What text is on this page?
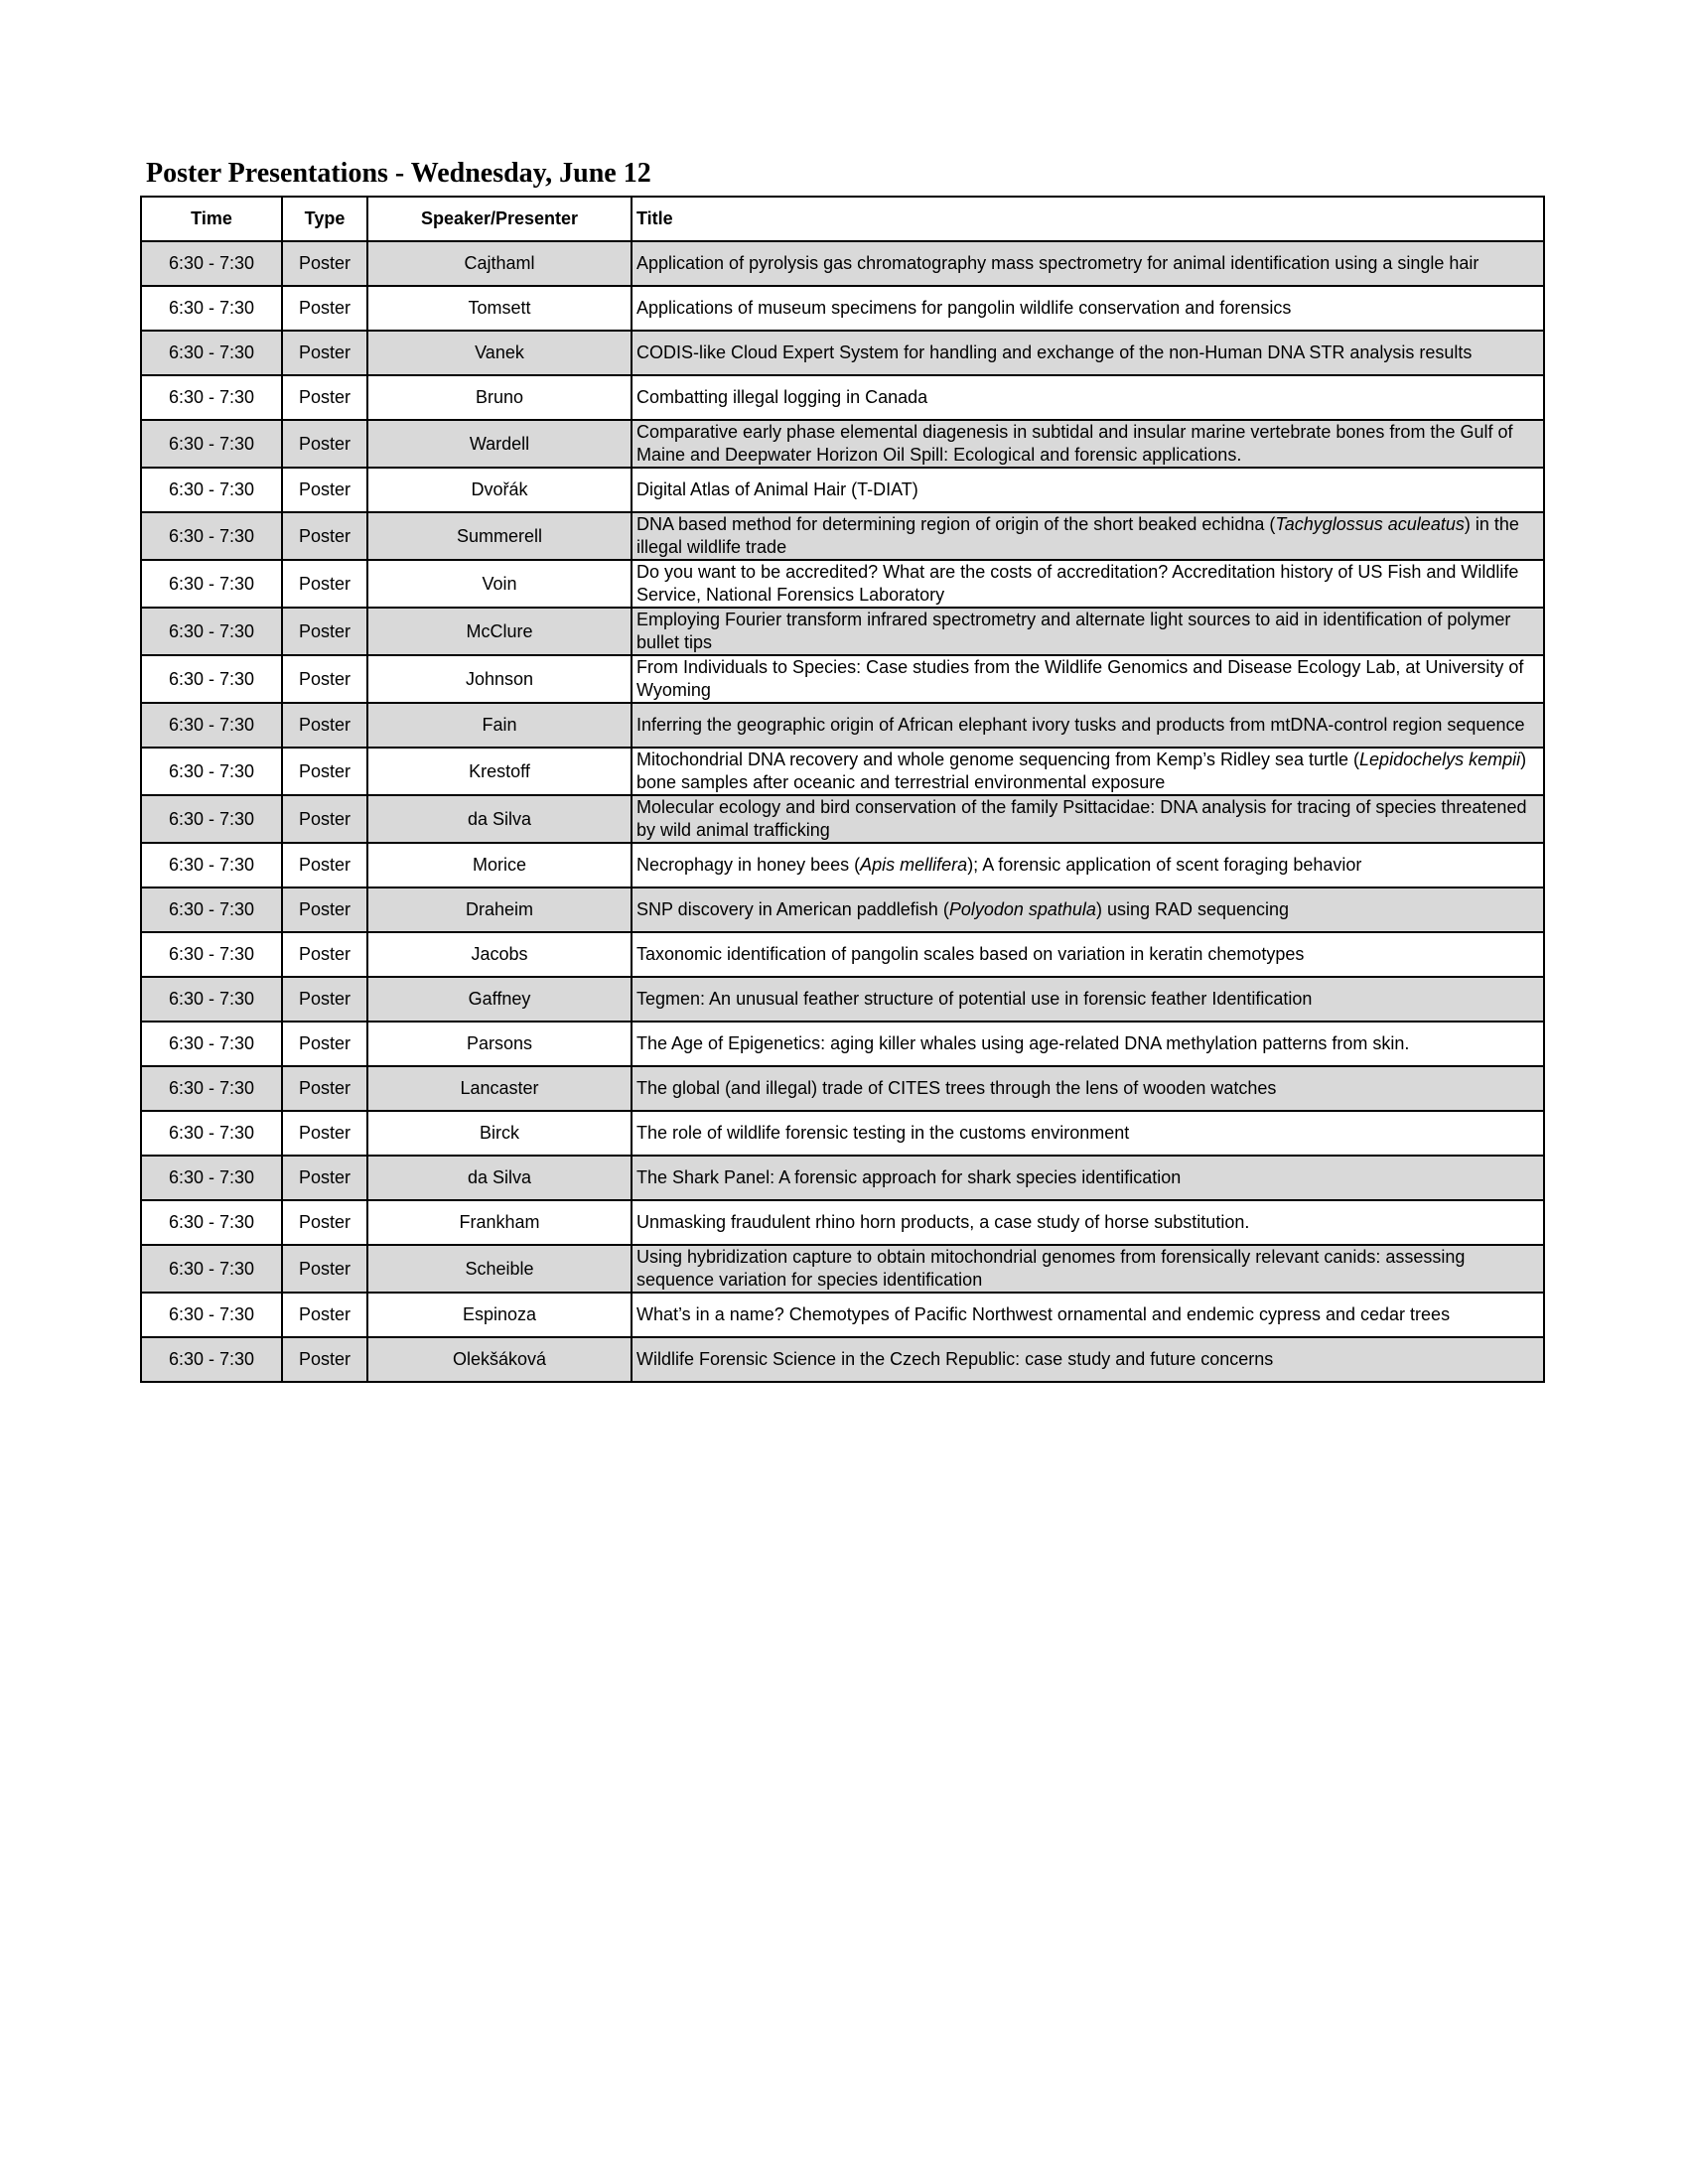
Poster Presentations - Wednesday, June 12
Time	Type	Speaker/Presenter	Title
6:30 - 7:30	Poster	Cajthaml	Application of pyrolysis gas chromatography mass spectrometry for animal identification using a single hair
6:30 - 7:30	Poster	Tomsett	Applications of museum specimens for pangolin wildlife conservation and forensics
6:30 - 7:30	Poster	Vanek	CODIS-like Cloud Expert System for handling and exchange of the non-Human DNA STR analysis results
6:30 - 7:30	Poster	Bruno	Combatting illegal logging in Canada
6:30 - 7:30	Poster	Wardell	Comparative early phase elemental diagenesis in subtidal and insular marine vertebrate bones from the Gulf of Maine and Deepwater Horizon Oil Spill: Ecological and forensic applications.
6:30 - 7:30	Poster	Dvořák	Digital Atlas of Animal Hair (T-DIAT)
6:30 - 7:30	Poster	Summerell	DNA based method for determining region of origin of the short beaked echidna (Tachyglossus aculeatus) in the illegal wildlife trade
6:30 - 7:30	Poster	Voin	Do you want to be accredited? What are the costs of accreditation? Accreditation history of US Fish and Wildlife Service, National Forensics Laboratory
6:30 - 7:30	Poster	McClure	Employing Fourier transform infrared spectrometry and alternate light sources to aid in identification of polymer bullet tips
6:30 - 7:30	Poster	Johnson	From Individuals to Species: Case studies from the Wildlife Genomics and Disease Ecology Lab, at University of Wyoming
6:30 - 7:30	Poster	Fain	Inferring the geographic origin of African elephant ivory tusks and products from mtDNA-control region sequence
6:30 - 7:30	Poster	Krestoff	Mitochondrial DNA recovery and whole genome sequencing from Kemp’s Ridley sea turtle (Lepidochelys kempii) bone samples after oceanic and terrestrial environmental exposure
6:30 - 7:30	Poster	da Silva	Molecular ecology and bird conservation of the family Psittacidae: DNA analysis for tracing of species threatened by wild animal trafficking
6:30 - 7:30	Poster	Morice	Necrophagy in honey bees (Apis mellifera); A forensic application of scent foraging behavior
6:30 - 7:30	Poster	Draheim	SNP discovery in American paddlefish (Polyodon spathula) using RAD sequencing
6:30 - 7:30	Poster	Jacobs	Taxonomic identification of pangolin scales based on variation in keratin chemotypes
6:30 - 7:30	Poster	Gaffney	Tegmen: An unusual feather structure of potential use in forensic feather Identification
6:30 - 7:30	Poster	Parsons	The Age of Epigenetics: aging killer whales using age-related DNA methylation patterns from skin.
6:30 - 7:30	Poster	Lancaster	The global (and illegal) trade of CITES trees through the lens of wooden watches
6:30 - 7:30	Poster	Birck	The role of wildlife forensic testing in the customs environment
6:30 - 7:30	Poster	da Silva	The Shark Panel: A forensic approach for shark species identification
6:30 - 7:30	Poster	Frankham	Unmasking fraudulent rhino horn products, a case study of horse substitution.
6:30 - 7:30	Poster	Scheible	Using hybridization capture to obtain mitochondrial genomes from forensically relevant canids: assessing sequence variation for species identification
6:30 - 7:30	Poster	Espinoza	What’s in a name? Chemotypes of Pacific Northwest ornamental and endemic cypress and cedar trees
6:30 - 7:30	Poster	Olekšáková	Wildlife Forensic Science in the Czech Republic: case study and future concerns
